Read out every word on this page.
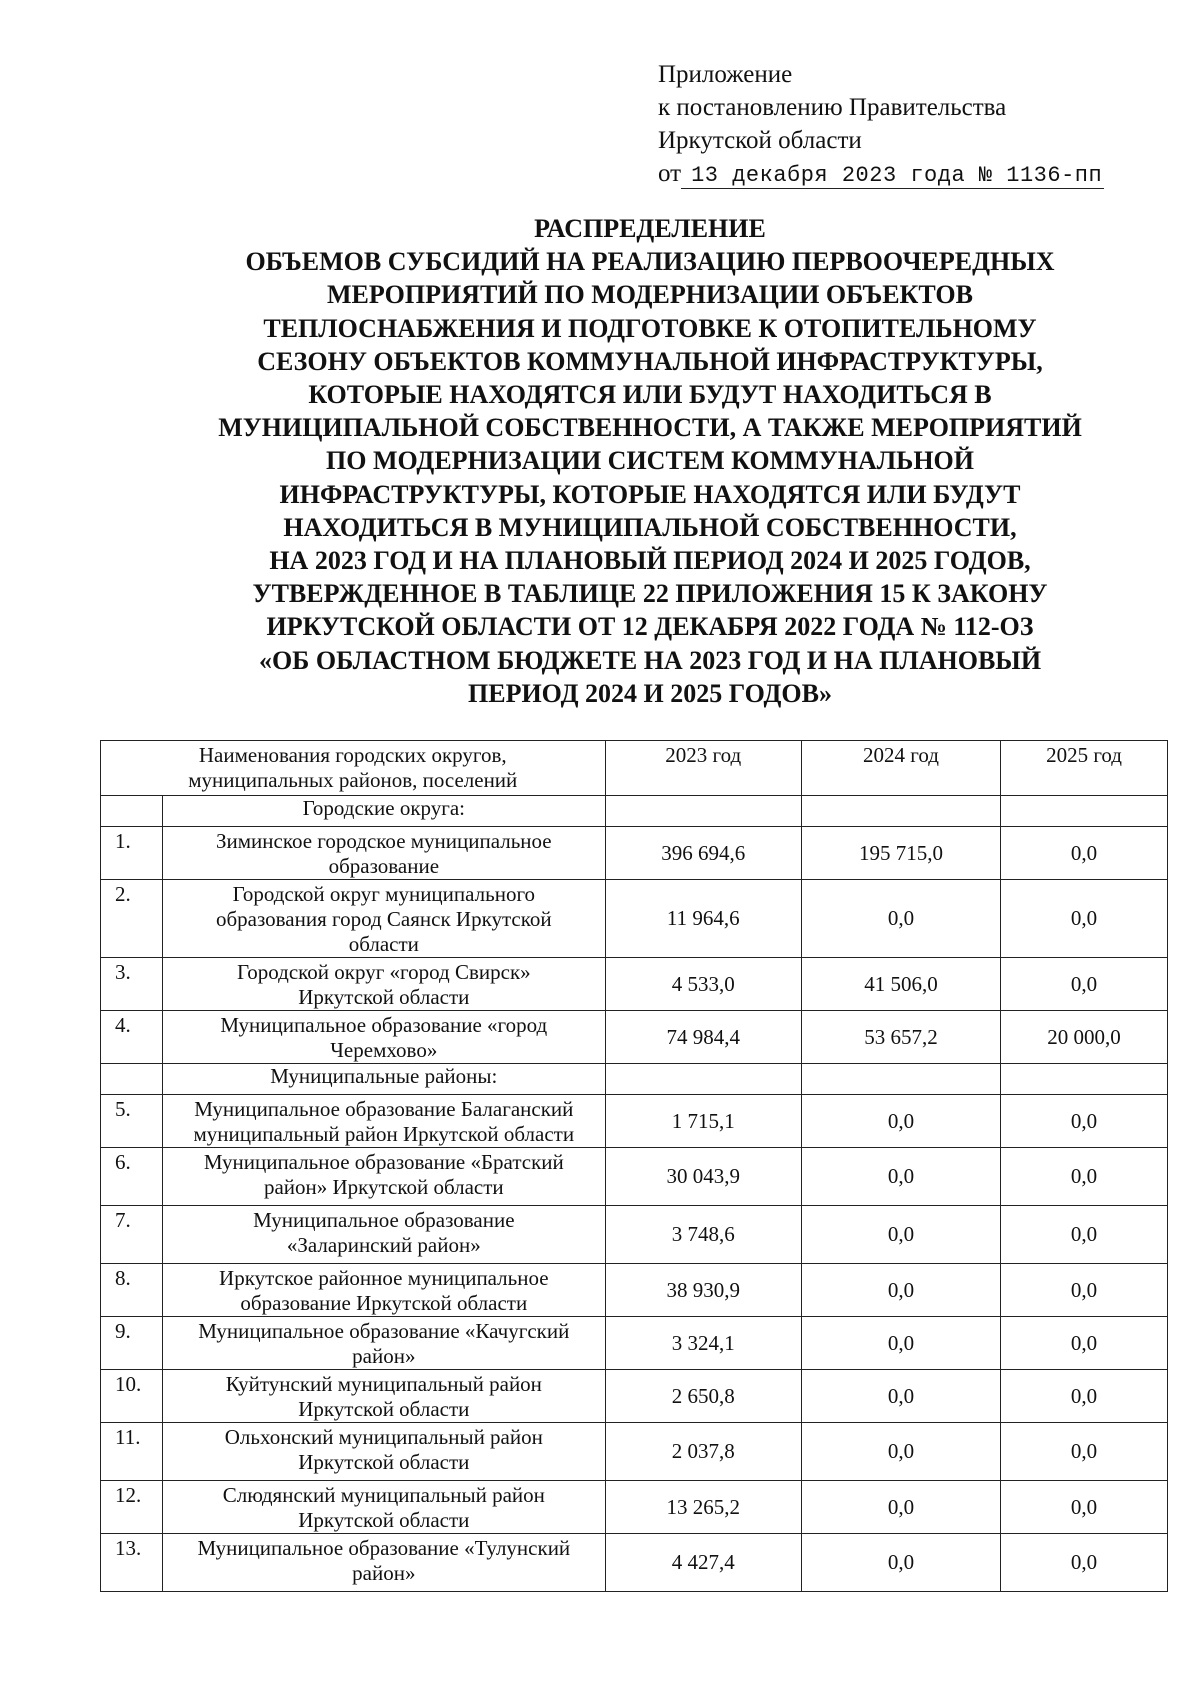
Приложение
к постановлению Правительства
Иркутской области
от 13 декабря 2023 года № 1136-пп
РАСПРЕДЕЛЕНИЕ
ОБЪЕМОВ СУБСИДИЙ НА РЕАЛИЗАЦИЮ ПЕРВООЧЕРЕДНЫХ
МЕРОПРИЯТИЙ ПО МОДЕРНИЗАЦИИ ОБЪЕКТОВ
ТЕПЛОСНАБЖЕНИЯ И ПОДГОТОВКЕ К ОТОПИТЕЛЬНОМУ
СЕЗОНУ ОБЪЕКТОВ КОММУНАЛЬНОЙ ИНФРАСТРУКТУРЫ,
КОТОРЫЕ НАХОДЯТСЯ ИЛИ БУДУТ НАХОДИТЬСЯ В
МУНИЦИПАЛЬНОЙ СОБСТВЕННОСТИ, А ТАКЖЕ МЕРОПРИЯТИЙ
ПО МОДЕРНИЗАЦИИ СИСТЕМ КОММУНАЛЬНОЙ
ИНФРАСТРУКТУРЫ, КОТОРЫЕ НАХОДЯТСЯ ИЛИ БУДУТ
НАХОДИТЬСЯ В МУНИЦИПАЛЬНОЙ СОБСТВЕННОСТИ,
НА 2023 ГОД И НА ПЛАНОВЫЙ ПЕРИОД 2024 И 2025 ГОДОВ,
УТВЕРЖДЕННОЕ В ТАБЛИЦЕ 22 ПРИЛОЖЕНИЯ 15 К ЗАКОНУ
ИРКУТСКОЙ ОБЛАСТИ ОТ 12 ДЕКАБРЯ 2022 ГОДА № 112-ОЗ
«ОБ ОБЛАСТНОМ БЮДЖЕТЕ НА 2023 ГОД И НА ПЛАНОВЫЙ
ПЕРИОД 2024 И 2025 ГОДОВ»
Наименования городских округов,
муниципальных районов, поселений		2023 год	2024 год	2025 год
	Городские округа:			
1.	Зиминское городское муниципальное
образование	396 694,6	195 715,0	0,0
2.	Городской округ муниципального
образования город Саянск Иркутской
области	11 964,6	0,0	0,0
3.	Городской округ «город Свирск»
Иркутской области	4 533,0	41 506,0	0,0
4.	Муниципальное образование «город
Черемхово»	74 984,4	53 657,2	20 000,0
	Муниципальные районы:			
5.	Муниципальное образование Балаганский
муниципальный район Иркутской области	1 715,1	0,0	0,0
6.	Муниципальное образование «Братский
район» Иркутской области	30 043,9	0,0	0,0
7.	Муниципальное образование
«Заларинский район»	3 748,6	0,0	0,0
8.	Иркутское районное муниципальное
образование Иркутской области	38 930,9	0,0	0,0
9.	Муниципальное образование «Качугский
район»	3 324,1	0,0	0,0
10.	Куйтунский муниципальный район
Иркутской области	2 650,8	0,0	0,0
11.	Ольхонский муниципальный район
Иркутской области	2 037,8	0,0	0,0
12.	Слюдянский муниципальный район
Иркутской области	13 265,2	0,0	0,0
13.	Муниципальное образование «Тулунский
район»	4 427,4	0,0	0,0
